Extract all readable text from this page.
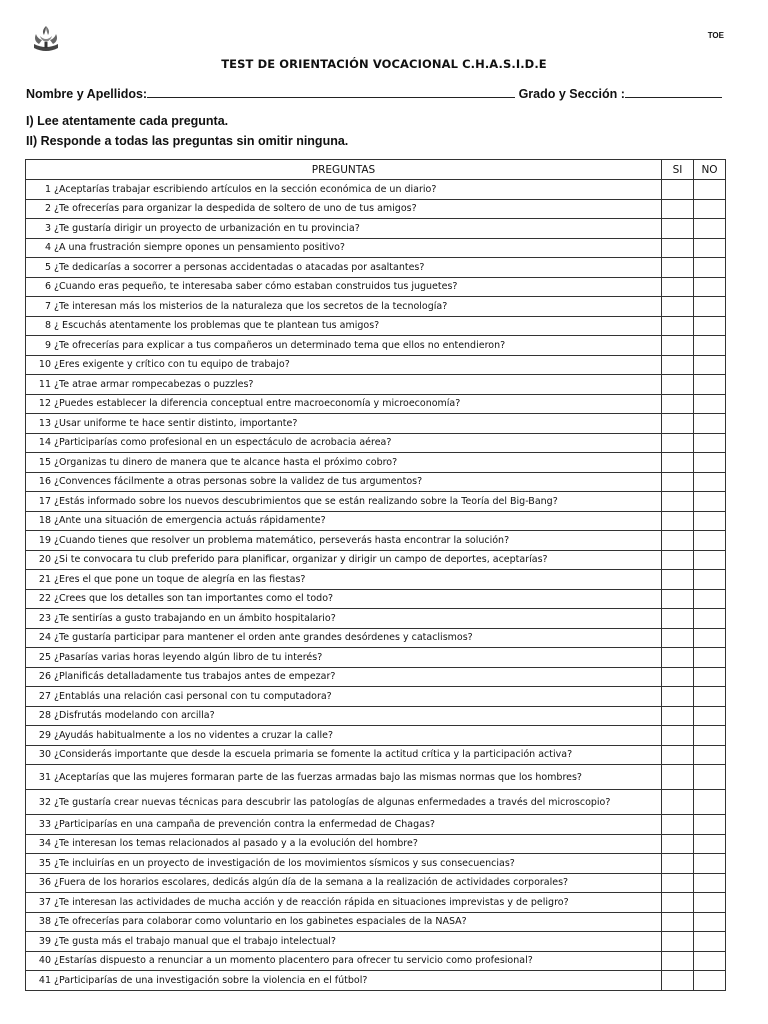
TOE
TEST DE ORIENTACIÓN VOCACIONAL C.H.A.S.I.D.E
Nombre y Apellidos:	Grado y Sección :
I) Lee atentamente cada pregunta.
II) Responde a todas las preguntas sin omitir ninguna.
PREGUNTAS	SI	NO
1 ¿Aceptarías trabajar escribiendo artículos en la sección económica de un diario?		
2 ¿Te ofrecerías para organizar la despedida de soltero de uno de tus amigos?		
3 ¿Te gustaría dirigir un proyecto de urbanización en tu provincia?		
4 ¿A una frustración siempre opones un pensamiento positivo?		
5 ¿Te dedicarías a socorrer a personas accidentadas o atacadas por asaltantes?		
6 ¿Cuando eras pequeño, te interesaba saber cómo estaban construidos tus juguetes?		
7 ¿Te interesan más los misterios de la naturaleza que los secretos de la tecnología?		
8 ¿ Escuchás atentamente los problemas que te plantean tus amigos?		
9 ¿Te ofrecerías para explicar a tus compañeros un determinado tema que ellos no entendieron?		
10 ¿Eres exigente y crítico con tu equipo de trabajo?		
11 ¿Te atrae armar rompecabezas o puzzles?		
12 ¿Puedes establecer la diferencia conceptual entre macroeconomía y microeconomía?		
13 ¿Usar uniforme te hace sentir distinto, importante?		
14 ¿Participarías como profesional en un espectáculo de acrobacia aérea?		
15 ¿Organizas tu dinero de manera que te alcance hasta el próximo cobro?		
16 ¿Convences fácilmente a otras personas sobre la validez de tus argumentos?		
17 ¿Estás informado sobre los nuevos descubrimientos que se están realizando sobre la Teoría del Big-Bang?		
18 ¿Ante una situación de emergencia actuás rápidamente?		
19 ¿Cuando tienes que resolver un problema matemático, perseverás hasta encontrar la solución?		
20 ¿Si te convocara tu club preferido para planificar, organizar y dirigir un campo de deportes, aceptarías?		
21 ¿Eres el que pone un toque de alegría en las fiestas?		
22 ¿Crees que los detalles son tan importantes como el todo?		
23 ¿Te sentirías a gusto trabajando en un ámbito hospitalario?		
24 ¿Te gustaría participar para mantener el orden ante grandes desórdenes y cataclismos?		
25 ¿Pasarías varias horas leyendo algún libro de tu interés?		
26 ¿Planificás detalladamente tus trabajos antes de empezar?		
27 ¿Entablás una relación casi personal con tu computadora?		
28 ¿Disfrutás modelando con arcilla?		
29 ¿Ayudás habitualmente a los no videntes a cruzar la calle?		
30 ¿Considerás importante que desde la escuela primaria se fomente la actitud crítica y la participación activa?		
31 ¿Aceptarías que las mujeres formaran parte de las fuerzas armadas bajo las mismas normas que los hombres?		
32 ¿Te gustaría crear nuevas técnicas para descubrir las patologías de algunas enfermedades a través del microscopio?		
33 ¿Participarías en una campaña de prevención contra la enfermedad de Chagas?		
34 ¿Te interesan los temas relacionados al pasado y a la evolución del hombre?		
35 ¿Te incluirías en un proyecto de investigación de los movimientos sísmicos y sus consecuencias?		
36 ¿Fuera de los horarios escolares, dedicás algún día de la semana a la realización de actividades corporales?		
37 ¿Te interesan las actividades de mucha acción y de reacción rápida en situaciones imprevistas y de peligro?		
38 ¿Te ofrecerías para colaborar como voluntario en los gabinetes espaciales de la NASA?		
39 ¿Te gusta más el trabajo manual que el trabajo intelectual?		
40 ¿Estarías dispuesto a renunciar a un momento placentero para ofrecer tu servicio como profesional?		
41 ¿Participarías de una investigación sobre la violencia en el fútbol?		
